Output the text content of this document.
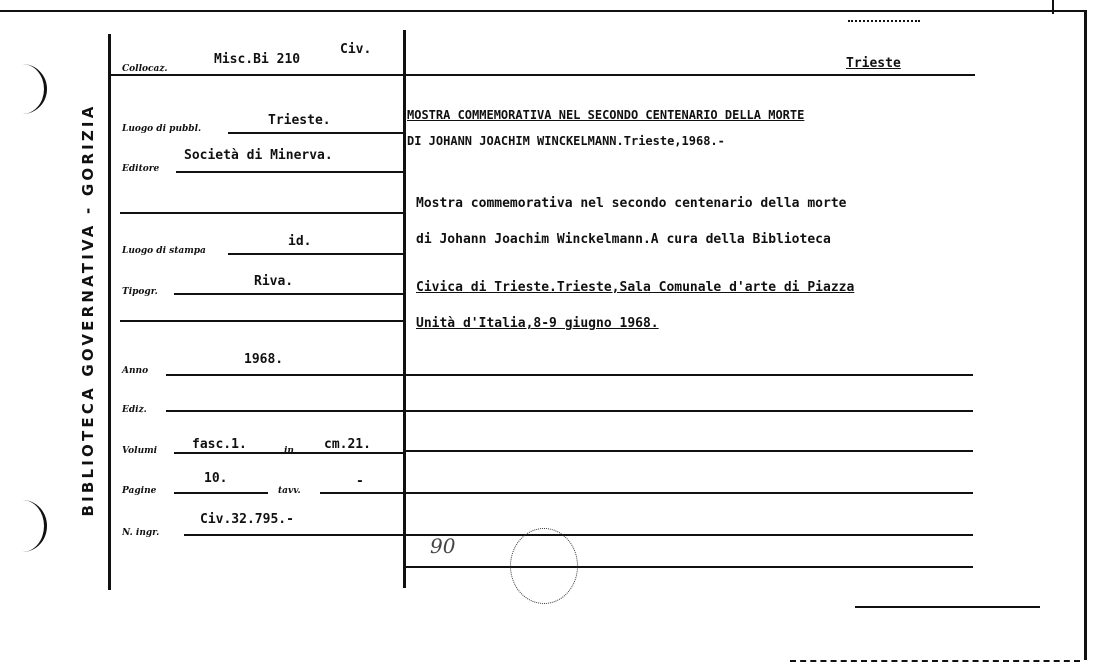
BIBLIOTECA GOVERNATIVA - GORIZIA
Collocaz.
Misc.Bi 210
Civ.
Trieste
Luogo di pubbl.
Trieste.
Editore
Società di Minerva.
Luogo di stampa
id.
Tipogr.
Riva.
Anno
1968.
Ediz.
Volumi	fasc.1.	in cm.21.
Pagine
10.
tavv.
-
N. ingr.
Civ.32.795.-
MOSTRA COMMEMORATIVA NEL SECONDO CENTENARIO DELLA MORTE
DI JOHANN JOACHIM WINCKELMANN.Trieste,1968.-
Mostra commemorativa nel secondo centenario della morte
di Johann Joachim Winckelmann.A cura della Biblioteca
Civica di Trieste.Trieste,Sala Comunale d'arte di Piazza
Unità d'Italia,8-9 giugno 1968.
90
